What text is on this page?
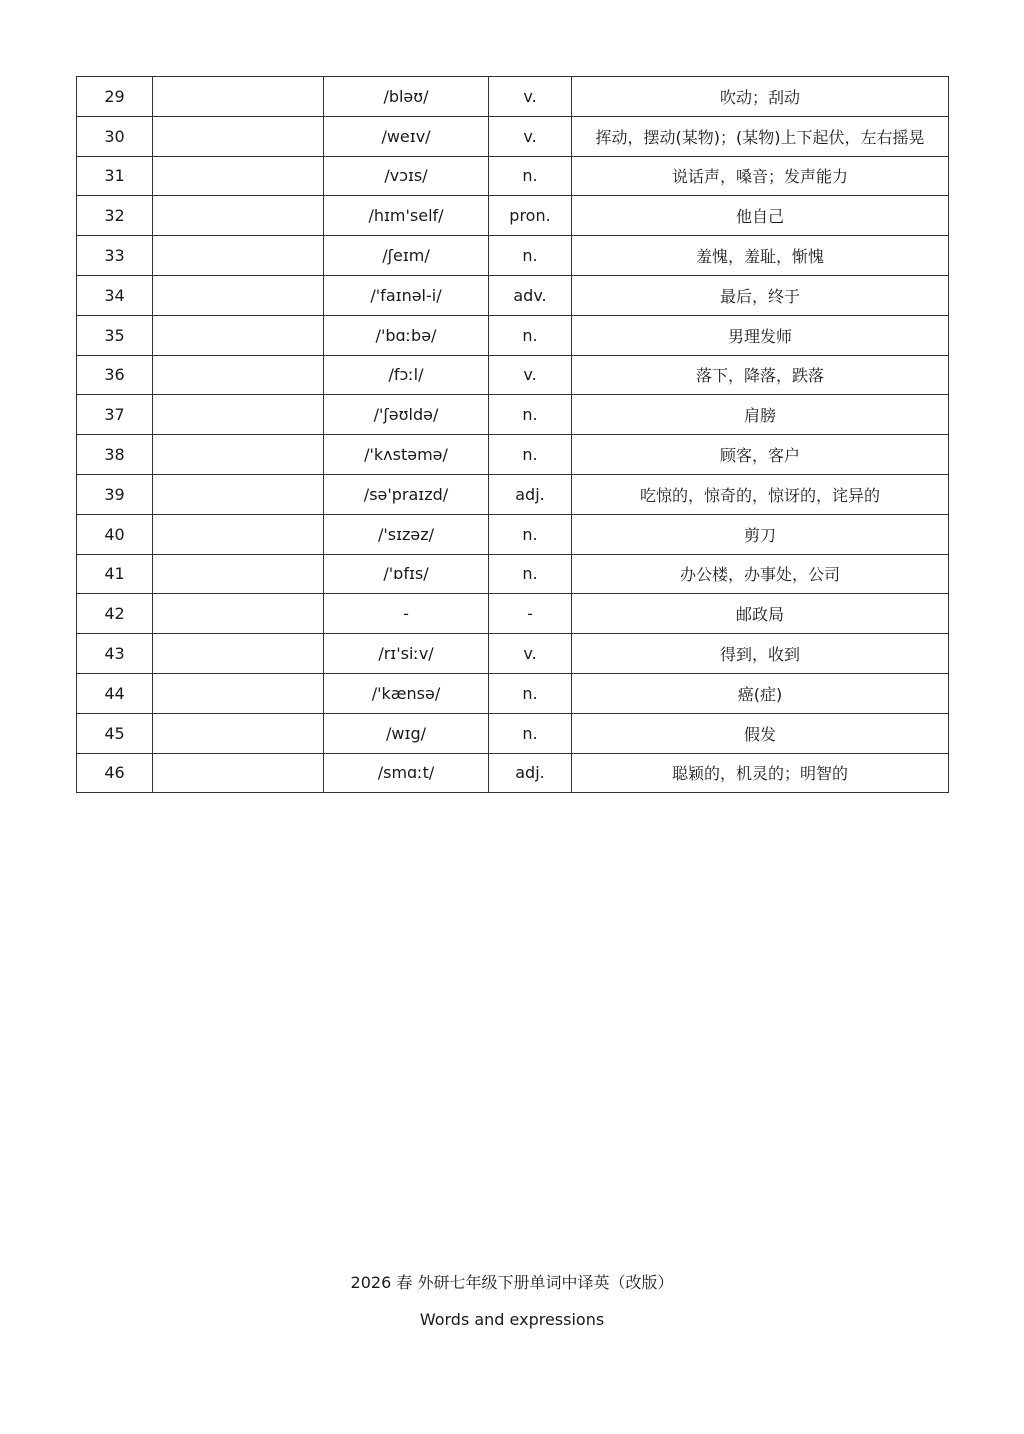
29		/bləʊ/	v.	吹动；刮动
30		/weɪv/	v.	挥动，摆动(某物)；(某物)上下起伏，左右摇晃
31		/vɔɪs/	n.	说话声，嗓音；发声能力
32		/hɪm'self/	pron.	他自己
33		/ʃeɪm/	n.	羞愧，羞耻，惭愧
34		/'faɪnəl-i/	adv.	最后，终于
35		/'bɑːbə/	n.	男理发师
36		/fɔːl/	v.	落下，降落，跌落
37		/'ʃəʊldə/	n.	肩膀
38		/'kʌstəmə/	n.	顾客，客户
39		/sə'praɪzd/	adj.	吃惊的，惊奇的，惊讶的，诧异的
40		/'sɪzəz/	n.	剪刀
41		/'ɒfɪs/	n.	办公楼，办事处，公司
42		-	-	邮政局
43		/rɪ'siːv/	v.	得到，收到
44		/'kænsə/	n.	癌(症)
45		/wɪg/	n.	假发
46		/smɑːt/	adj.	聪颖的，机灵的；明智的
2026 春 外研七年级下册单词中译英（改版）
Words and expressions
